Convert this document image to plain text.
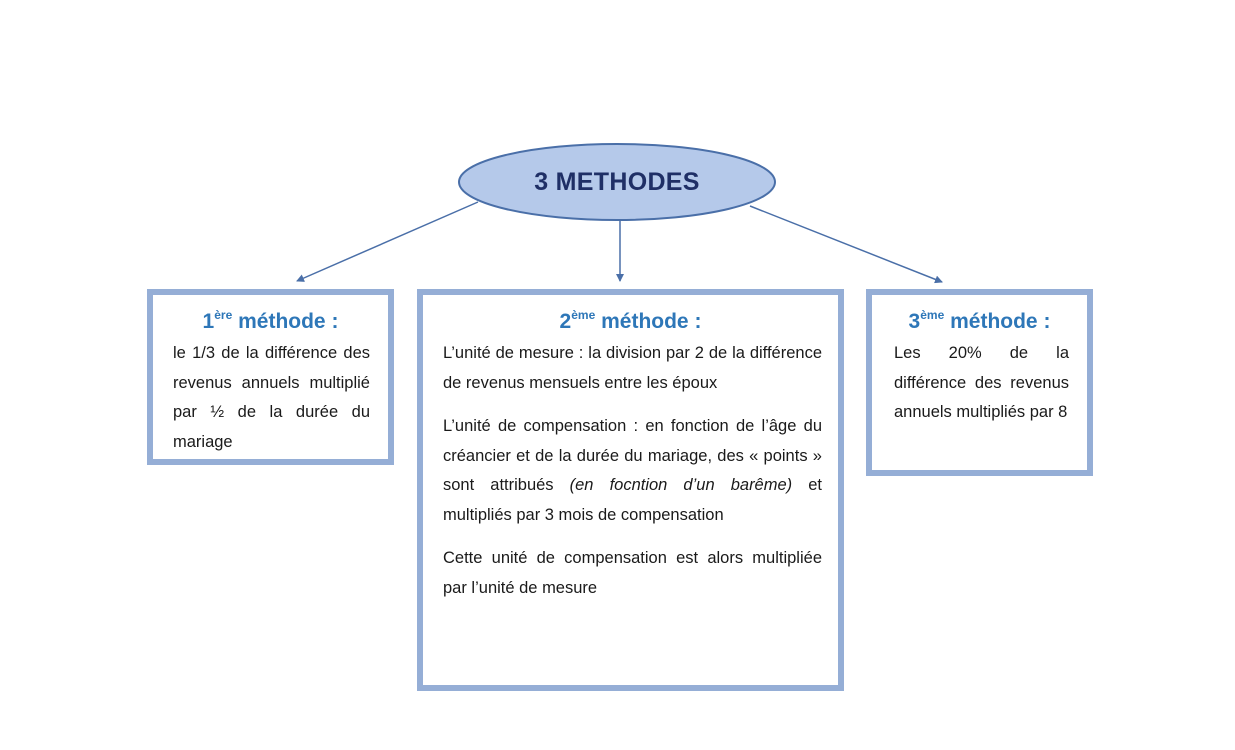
3 METHODES
1ère méthode :

le 1/3 de la différence des revenus annuels multiplié par ½ de la durée du mariage

2ème méthode :

L’unité de mesure : la division par 2 de la différence de revenus mensuels entre les époux

L’unité de compensation : en fonction de l’âge du créancier et de la durée du mariage, des « points » sont attribués (en focntion d’un barême) et multipliés par 3 mois de compensation

Cette unité de compensation est alors multipliée par l’unité de mesure

3ème méthode :

Les 20% de la différence des revenus annuels multipliés par 8
